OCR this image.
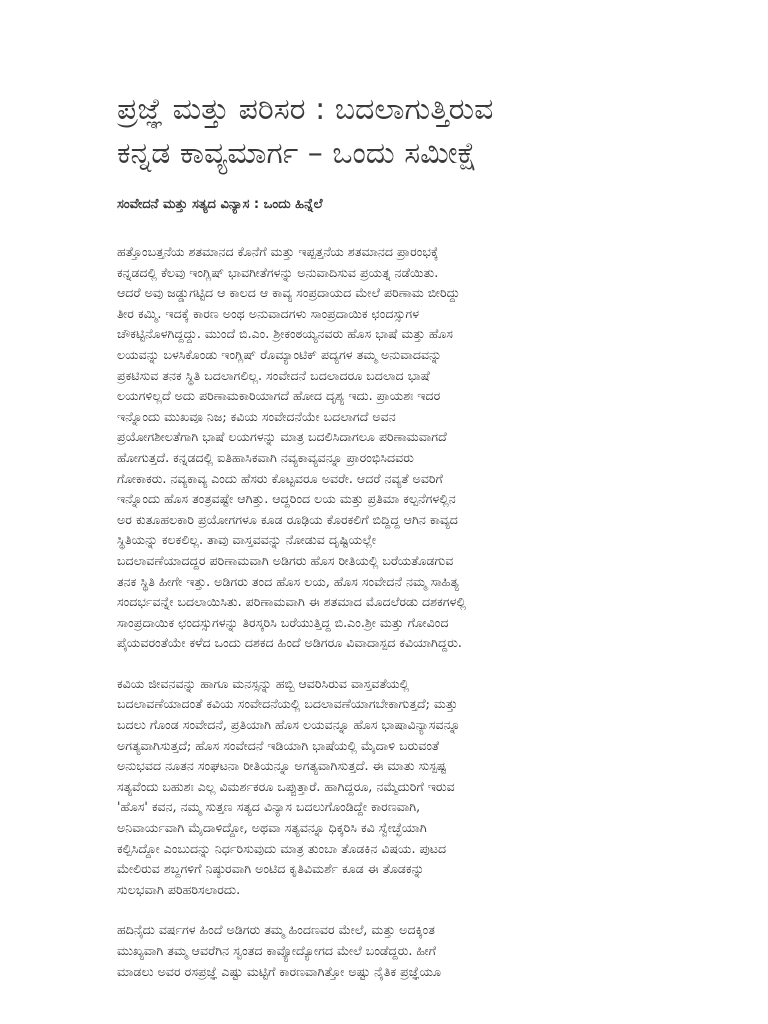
ಪ್ರಜ್ಞೆ ಮತ್ತು ಪರಿಸರ : ಬದಲಾಗುತ್ತಿರುವ
ಕನ್ನಡ ಕಾವ್ಯಮಾರ್ಗ – ಒಂದು ಸಮೀಕ್ಷೆ
ಸಂವೇದನೆ ಮತ್ತು ಸತ್ಯದ ವಿನ್ಯಾಸ : ಒಂದು ಹಿನ್ನೆಲೆ

ಹತ್ತೊಂಬತ್ತನೆಯ ಶತಮಾನದ ಕೊನೆಗೆ ಮತ್ತು ಇಪ್ಪತ್ತನೆಯ ಶತಮಾನದ ಪ್ರಾರಂಭಕ್ಕೆ
ಕನ್ನಡದಲ್ಲಿ ಕೆಲವು ಇಂಗ್ಲಿಷ್ ಭಾವಗೀತೆಗಳನ್ನು ಅನುವಾದಿಸುವ ಪ್ರಯತ್ನ ನಡೆಯಿತು.
ಆದರೆ ಅವು ಜಡ್ಡುಗಟ್ಟಿದ ಆ ಕಾಲದ ಆ ಕಾವ್ಯ ಸಂಪ್ರದಾಯದ ಮೇಲೆ ಪರಿಣಾಮ ಬೀರಿದ್ದು
ತೀರ ಕಮ್ಮಿ. ಇದಕ್ಕೆ ಕಾರಣ ಅಂಥ ಅನುವಾದಗಳು ಸಾಂಪ್ರದಾಯಿಕ ಛಂದಸ್ಸುಗಳ
ಚೌಕಟ್ಟಿನೊಳಗಿದ್ದದ್ದು. ಮುಂದೆ ಬಿ.ಎಂ. ಶ್ರೀಕಂಠಯ್ಯನವರು ಹೊಸ ಭಾಷೆ ಮತ್ತು ಹೊಸ
ಲಯವನ್ನು ಬಳಸಿಕೊಂಡು ಇಂಗ್ಲಿಷ್ ರೊಮ್ಯಾಂಟಿಕ್ ಪದ್ಯಗಳ ತಮ್ಮ ಅನುವಾದವನ್ನು
ಪ್ರಕಟಿಸುವ ತನಕ ಸ್ಥಿತಿ ಬದಲಾಗಲಿಲ್ಲ. ಸಂವೇದನೆ ಬದಲಾದರೂ ಬದಲಾದ ಭಾಷೆ
ಲಯಗಳಿಲ್ಲದೆ ಅದು ಪರಿಣಾಮಕಾರಿಯಾಗದೆ ಹೋದ ದೃಶ್ಯ ಇದು. ಪ್ರಾಯಶಃ ಇದರ
ಇನ್ನೊಂದು ಮುಖವೂ ನಿಜ; ಕವಿಯ ಸಂವೇದನೆಯೇ ಬದಲಾಗದೆ ಅವನ
ಪ್ರಯೋಗಶೀಲತೆಗಾಗಿ ಭಾಷೆ ಲಯಗಳನ್ನು ಮಾತ್ರ ಬದಲಿಸಿದಾಗಲೂ ಪರಿಣಾಮವಾಗದೆ
ಹೋಗುತ್ತದೆ. ಕನ್ನಡದಲ್ಲಿ ಐತಿಹಾಸಿಕವಾಗಿ ನವ್ಯಕಾವ್ಯವನ್ನೂ ಪ್ರಾರಂಭಿಸಿದವರು
ಗೋಕಾಕರು. ನವ್ಯಕಾವ್ಯ ಎಂದು ಹೆಸರು ಕೊಟ್ಟವರೂ ಅವರೇ. ಆದರೆ ನವ್ಯತೆ ಅವರಿಗೆ
ಇನ್ನೊಂದು ಹೊಸ ತಂತ್ರವಷ್ಟೇ ಆಗಿತ್ತು. ಆದ್ದರಿಂದ ಲಯ ಮತ್ತು ಪ್ರತಿಮಾ ಕಲ್ಪನೆಗಳಲ್ಲಿನ
ಅರ ಕುತೂಹಲಕಾರಿ ಪ್ರಯೋಗಗಳೂ ಕೂಡ ರೂಢಿಯ ಕೊರಕಲಿಗೆ ಬಿದ್ದಿದ್ದ ಆಗಿನ ಕಾವ್ಯದ
ಸ್ಥಿತಿಯನ್ನು ಕಲಕಲಿಲ್ಲ. ತಾವು ವಾಸ್ತವವನ್ನು ನೋಡುವ ದೃಷ್ಟಿಯಲ್ಲೇ
ಬದಲಾವಣೆಯಾದದ್ದರ ಪರಿಣಾಮವಾಗಿ ಅಡಿಗರು ಹೊಸ ರೀತಿಯಲ್ಲಿ ಬರೆಯತೊಡಗುವ
ತನಕ ಸ್ಥಿತಿ ಹೀಗೇ ಇತ್ತು. ಅಡಿಗರು ತಂದ ಹೊಸ ಲಯ, ಹೊಸ ಸಂವೇದನೆ ನಮ್ಮ ಸಾಹಿತ್ಯ
ಸಂದರ್ಭವನ್ನೇ ಬದಲಾಯಿಸಿತು. ಪರಿಣಾಮವಾಗಿ ಈ ಶತಮಾದ ಮೊದಲೆರಡು ದಶಕಗಳಲ್ಲಿ
ಸಾಂಪ್ರದಾಯಿಕ ಛಂದಸ್ಸುಗಳನ್ನು ತಿರಸ್ಕರಿಸಿ ಬರೆಯುತ್ತಿದ್ದ ಬಿ.ಎಂ.ಶ್ರೀ ಮತ್ತು ಗೋವಿಂದ
ಪೈಯವರಂತೆಯೇ ಕಳೆದ ಒಂದು ದಶಕದ ಹಿಂದೆ ಅಡಿಗರೂ ವಿವಾದಾಸ್ಪದ ಕವಿಯಾಗಿದ್ದರು.

ಕವಿಯ ಜೀವನವನ್ನು ಹಾಗೂ ಮನಸ್ಸನ್ನು ಹಬ್ಬಿ ಆವರಿಸಿರುವ ವಾಸ್ತವತೆಯಲ್ಲಿ
ಬದಲಾವಣೆಯಾದಂತೆ ಕವಿಯ ಸಂವೇದನೆಯಲ್ಲಿ ಬದಲಾವಣೆಯಾಗಬೇಕಾಗುತ್ತದೆ; ಮತ್ತು
ಬದಲು ಗೊಂಡ ಸಂವೇದನೆ, ಪ್ರತಿಯಾಗಿ ಹೊಸ ಲಯವನ್ನೂ ಹೊಸ ಭಾಷಾವಿನ್ಯಾಸವನ್ನೂ
ಅಗತ್ಯವಾಗಿಸುತ್ತದೆ; ಹೊಸ ಸಂವೇದನೆ ಇಡಿಯಾಗಿ ಭಾಷೆಯಲ್ಲಿ ಮೈದಾಳಿ ಬರುವಂತೆ
ಅನುಭವದ ನೂತನ ಸಂಘಟನಾ ರೀತಿಯನ್ನೂ ಅಗತ್ಯವಾಗಿಸುತ್ತದೆ. ಈ ಮಾತು ಸುಸ್ಪಷ್ಟ
ಸತ್ಯವೆಂದು ಬಹುಶಃ ಎಲ್ಲ ವಿಮರ್ಶಕರೂ ಒಪ್ಪುತ್ತಾರೆ. ಹಾಗಿದ್ದರೂ, ನಮ್ಮೆದುರಿಗೆ ಇರುವ
'ಹೊಸ' ಕವನ, ನಮ್ಮ ಸುತ್ತಣ ಸತ್ಯದ ವಿನ್ಯಾಸ ಬದಲುಗೊಂಡಿದ್ದೇ ಕಾರಣವಾಗಿ,
ಅನಿವಾರ್ಯವಾಗಿ ಮೈದಾಳಿದ್ದೋ, ಅಥವಾ ಸತ್ಯವನ್ನೂ ಧಿಕ್ಕರಿಸಿ ಕವಿ ಸ್ವೇಚ್ಛೆಯಾಗಿ
ಕಲ್ಪಿಸಿದ್ದೋ ಎಂಬುದನ್ನು ನಿರ್ಧರಿಸುವುದು ಮಾತ್ರ ತುಂಬಾ ತೊಡಕಿನ ವಿಷಯ. ಪುಟದ
ಮೇಲಿರುವ ಶಬ್ದಗಳಿಗೆ ನಿಷ್ಠುರವಾಗಿ ಅಂಟಿದ ಕೃತಿವಿಮರ್ಶೆ ಕೂಡ ಈ ತೊಡಕನ್ನು
ಸುಲಭವಾಗಿ ಪರಿಹರಿಸಲಾರದು.

ಹದಿನೈದು ವರ್ಷಗಳ ಹಿಂದೆ ಅಡಿಗರು ತಮ್ಮ ಹಿಂದಣವರ ಮೇಲೆ, ಮತ್ತು ಅದಕ್ಕಿಂತ
ಮುಖ್ಯವಾಗಿ ತಮ್ಮ ಆವರೆಗಿನ ಸ್ವಂತದ ಕಾವ್ಯೋದ್ಯೋಗದ ಮೇಲೆ ಬಂಡೆದ್ದರು. ಹೀಗೆ
ಮಾಡಲು ಅವರ ರಸಪ್ರಜ್ಞೆ ಎಷ್ಟು ಮಟ್ಟಿಗೆ ಕಾರಣವಾಗಿತ್ತೋ ಅಷ್ಟು ನೈತಿಕ ಪ್ರಜ್ಞೆಯೂ
